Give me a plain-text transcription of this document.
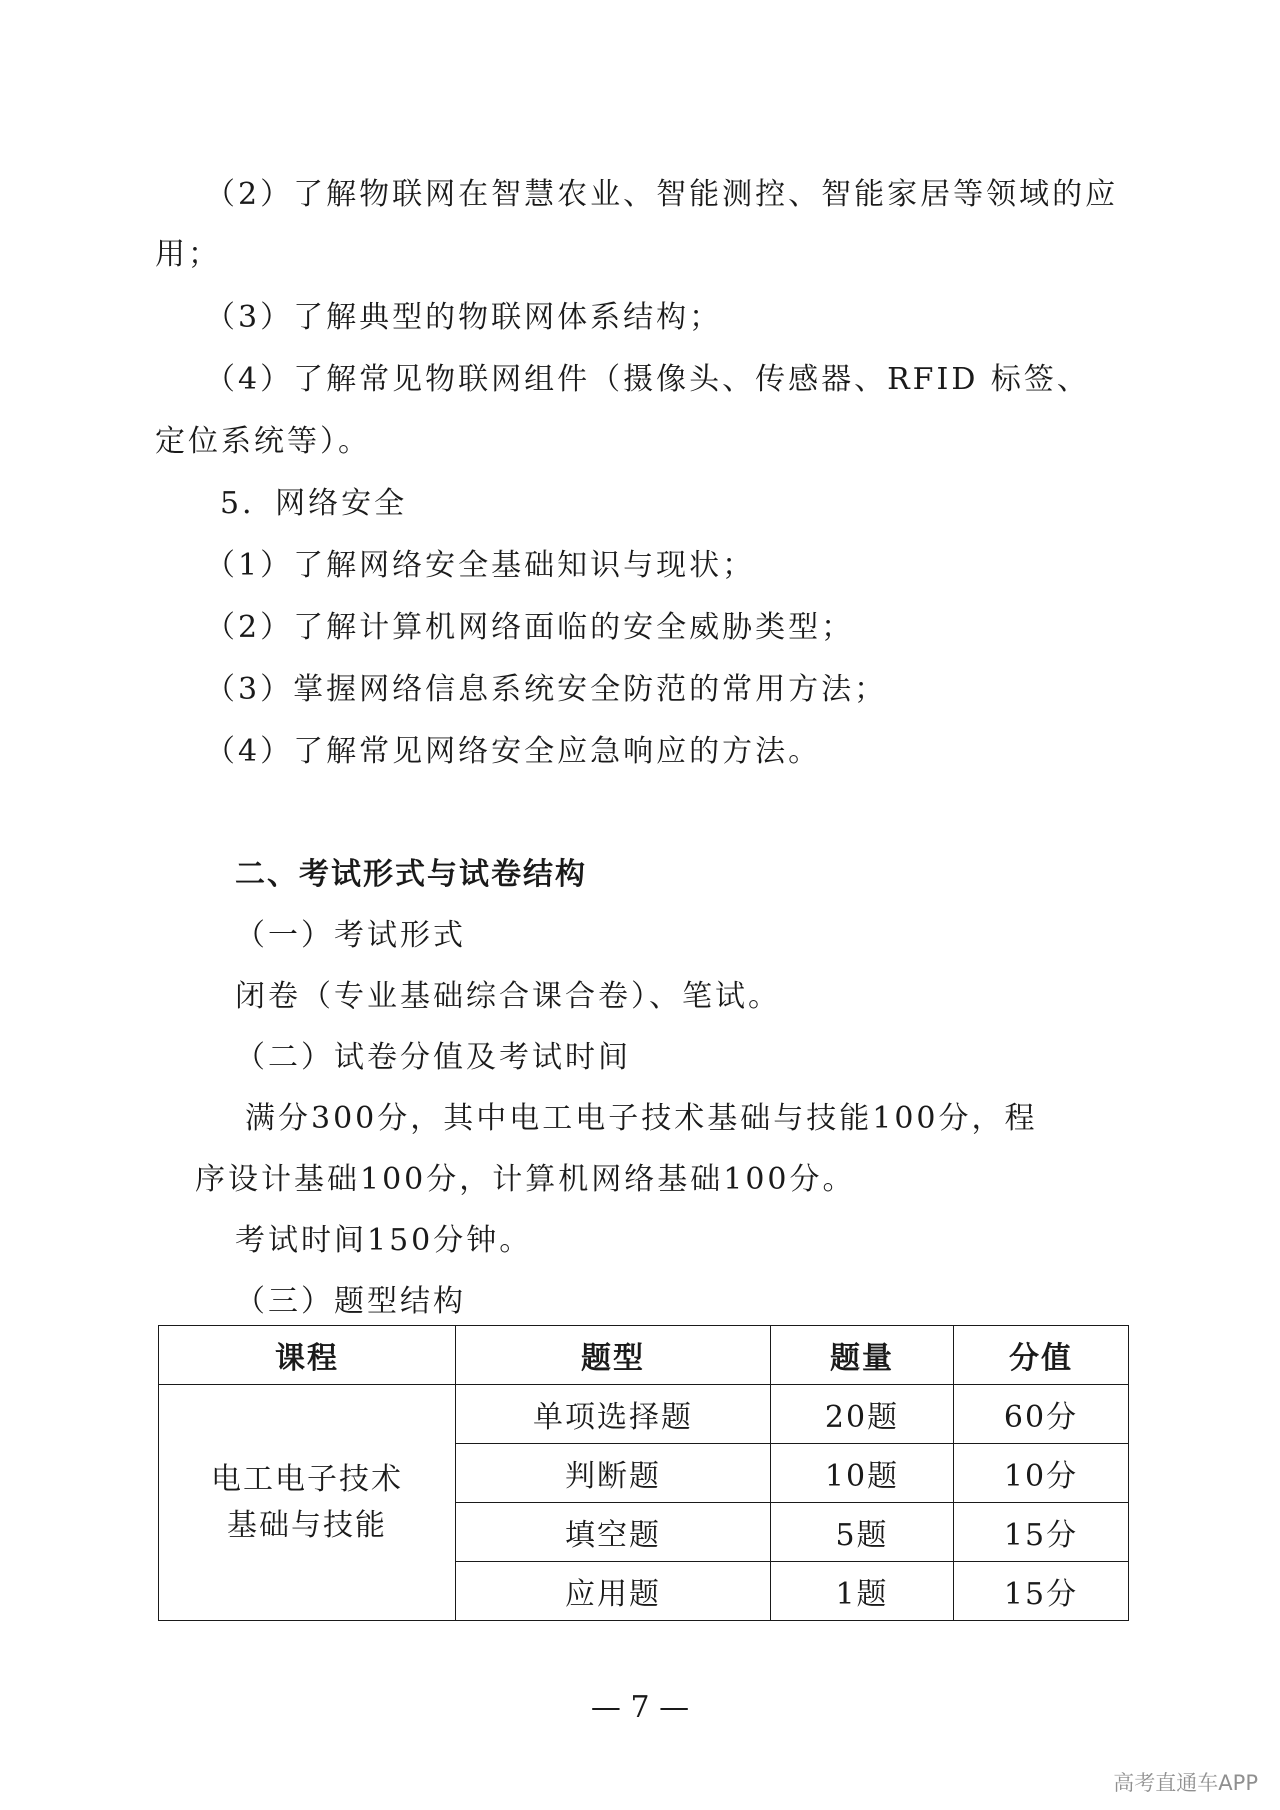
（2）了解物联网在智慧农业、智能测控、智能家居等领域的应
用；
（3）了解典型的物联网体系结构；
（4）了解常见物联网组件（摄像头、传感器、RFID 标签、
定位系统等）。
5．网络安全
（1）了解网络安全基础知识与现状；
（2）了解计算机网络面临的安全威胁类型；
（3）掌握网络信息系统安全防范的常用方法；
（4）了解常见网络安全应急响应的方法。
二、考试形式与试卷结构
（一）考试形式
闭卷（专业基础综合课合卷）、笔试。
（二）试卷分值及考试时间
满分300分，其中电工电子技术基础与技能100分，程
序设计基础100分，计算机网络基础100分。
考试时间150分钟。
（三）题型结构
课程	题型	题量	分值

电工电子技术
基础与技能	单项选择题	20题	60分
	判断题	10题	10分
	填空题	5题	15分
	应用题	1题	15分
— 7 —
高考直通车APP
